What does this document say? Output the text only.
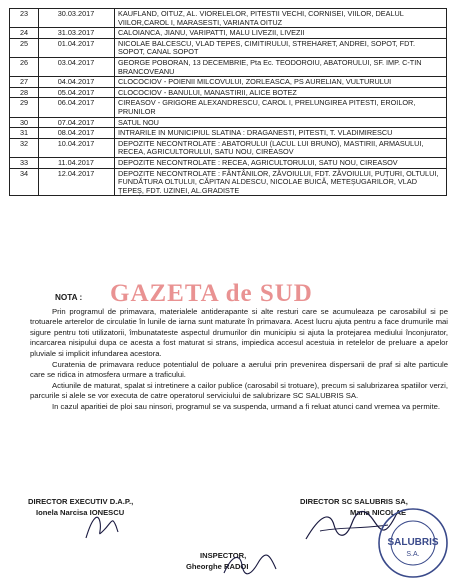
23	30.03.2017	KAUFLAND, OITUZ, AL. VIORELELOR, PITESTII VECHI, CORNISEI, VIILOR, DEALUL VIILOR,CAROL I, MARASESTI, VARIANTA OITUZ
24	31.03.2017	CALOIANCA, JIANU, VARIPATTI, MALU LIVEZII, LIVEZII
25	01.04.2017	NICOLAE BALCESCU, VLAD TEPES, CIMITIRULUI, STREHARET, ANDREI, SOPOT, FDT. SOPOT, CANAL SOPOT
26	03.04.2017	GEORGE POBORAN, 13 DECEMBRIE, Pta Ec. TEODOROIU, ABATORULUI, SF. IMP. C-TIN BRANCOVEANU
27	04.04.2017	CLOCOCIOV - POIENII MILCOVULUI, ZORLEASCA, PS AURELIAN, VULTURULUI
28	05.04.2017	CLOCOCIOV - BANULUI, MANASTIRII, ALICE BOTEZ
29	06.04.2017	CIREASOV - GRIGORE ALEXANDRESCU, CAROL I, PRELUNGIREA PITESTI, EROILOR, PRUNILOR
30	07.04.2017	SATUL NOU
31	08.04.2017	INTRARILE IN MUNICIPIUL SLATINA : DRAGANESTI, PITESTI, T. VLADIMIRESCU
32	10.04.2017	DEPOZITE NECONTROLATE : ABATORULUI (LACUL LUI BRUNO), MASTIRII, ARMASULUI, RECEA, AGRICULTORULUI, SATU NOU, CIREASOV
33	11.04.2017	DEPOZITE NECONTROLATE : RECEA, AGRICULTORULUI, SATU NOU, CIREASOV
34	12.04.2017	DEPOZITE NECONTROLATE : FÂNTÂNILOR, ZĂVOIULUI, FDT. ZĂVOIULUI, PUȚURI, OLTULUI, FUNDĂTURA OLTULUI, CĂPITAN ALDESCU, NICOLAE BUICĂ, METEȘUGARILOR, VLAD ȚEPEȘ, FDT. UZINEI, AL.GRADISTE
GAZETA de SUD
NOTA :

Prin programul de primavara, materialele antiderapante si alte resturi care se acumuleaza pe carosabilul si pe trotuarele arterelor de circulatie în lunile de iarna sunt maturate în primavara. Acest lucru ajuta pentru a face drumurile mai sigure pentru toti utilizatorii, îmbunatateste aspectul drumurilor din municipiu si ajuta la protejarea mediului înconjurator, incarcarea nisipului dupa ce acesta a fost maturat si strans, impiedica accesul acestuia in retelelor de preluare a apelor pluviale si implicit infundarea acestora.

Curatenia de primavara reduce potentialul de poluare a aerului prin prevenirea dispersarii de praf si alte particule care se ridica in atmosfera urmare a traficului.

Actiunile de maturat, spalat si intretinere a cailor publice (carosabil si trotuare), precum si salubrizarea spatiilor verzi, parcurile si alele se vor executa de catre operatorul serviciului de salubrizare SC SALUBRIS SA.

In cazul aparitiei de ploi sau ninsori, programul se va suspenda, urmand a fi reluat atunci cand vremea va permite.

DIRECTOR EXECUTIV D.A.P.,
Ionela Narcisa IONESCU
DIRECTOR SC SALUBRIS SA,
Maria NICOLAE
INSPECTOR,
Gheorghe RADOI
SALUBRIS
S.A.
